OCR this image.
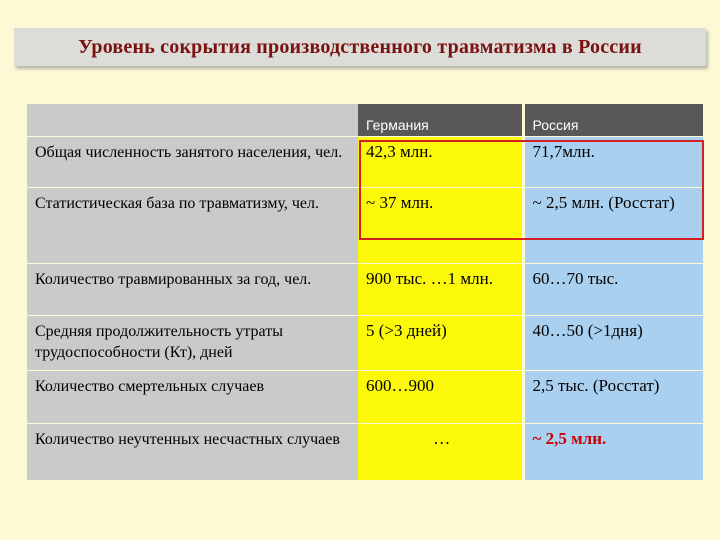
Уровень сокрытия производственного травматизма в России
	Германия	Россия
Общая численность занятого населения, чел.	42,3 млн.	71,7млн.
Статистическая база по травматизму, чел.	~ 37 млн.	~ 2,5 млн. (Росстат)
Количество травмированных за год, чел.	900 тыс. …1 млн.	60…70 тыс.
Средняя продолжительность утраты трудоспособности (Кт), дней	5 (>3 дней)	40…50 (>1дня)
Количество смертельных случаев	600…900	2,5 тыс. (Росстат)
Количество неучтенных несчастных случаев	…	~ 2,5 млн.
